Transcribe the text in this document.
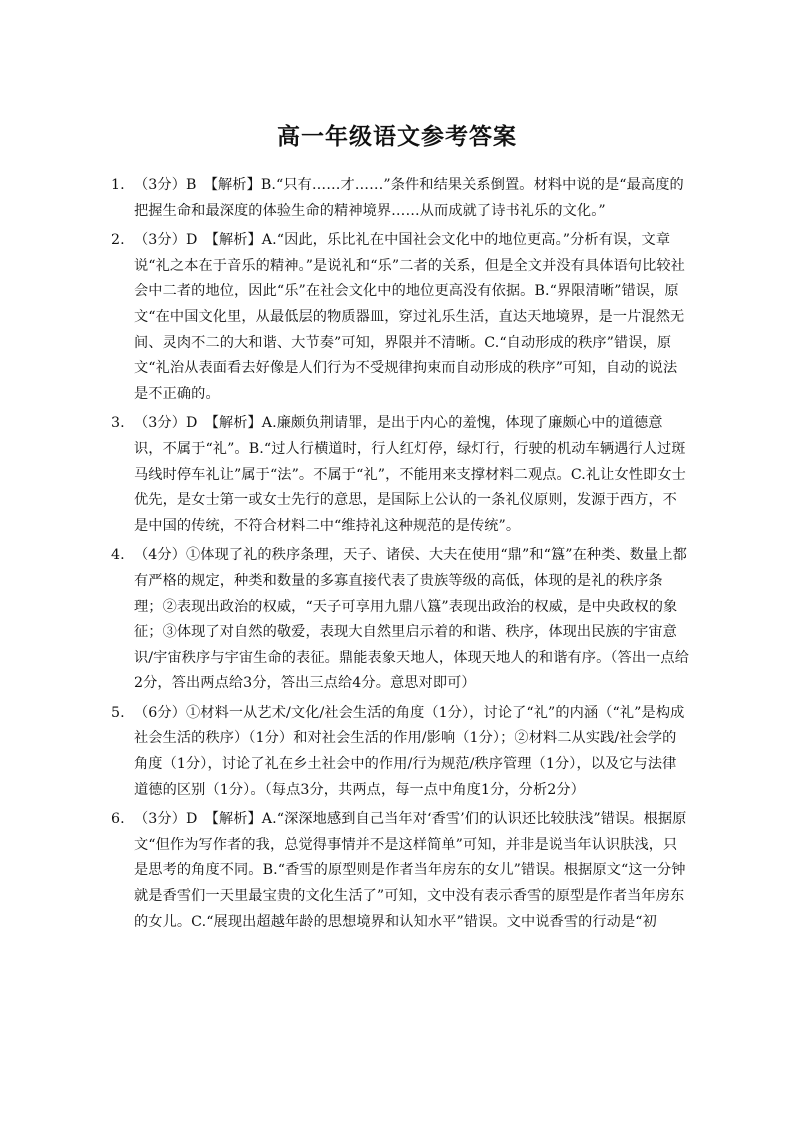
高一年级语文参考答案
1. （3分）B　【解析】B.“只有……才……”条件和结果关系倒置。材料中说的是“最高度的把握生命和最深度的体验生命的精神境界……从而成就了诗书礼乐的文化。”
2. （3分）D　【解析】A.“因此，乐比礼在中国社会文化中的地位更高。”分析有误，文章说“礼之本在于音乐的精神。”是说礼和“乐”二者的关系，但是全文并没有具体语句比较社会中二者的地位，因此“乐”在社会文化中的地位更高没有依据。B.“界限清晰”错误，原文“在中国文化里，从最低层的物质器皿，穿过礼乐生活，直达天地境界，是一片混然无间、灵肉不二的大和谐、大节奏”可知，界限并不清晰。C.“自动形成的秩序”错误，原文“礼治从表面看去好像是人们行为不受规律拘束而自动形成的秩序”可知，自动的说法是不正确的。
3. （3分）D　【解析】A.廉颇负荆请罪，是出于内心的羞愧，体现了廉颇心中的道德意识，不属于“礼”。B.“过人行横道时，行人红灯停，绿灯行，行驶的机动车辆遇行人过斑马线时停车礼让”属于“法”。不属于“礼”，不能用来支撑材料二观点。C.礼让女性即女士优先，是女士第一或女士先行的意思，是国际上公认的一条礼仪原则，发源于西方，不是中国的传统，不符合材料二中“维持礼这种规范的是传统”。
4. （4分）①体现了礼的秩序条理，天子、诸侯、大夫在使用“鼎”和“簋”在种类、数量上都有严格的规定，种类和数量的多寡直接代表了贵族等级的高低，体现的是礼的秩序条理；②表现出政治的权威，“天子可享用九鼎八簋”表现出政治的权威，是中央政权的象征；③体现了对自然的敬爱，表现大自然里启示着的和谐、秩序，体现出民族的宇宙意识/宇宙秩序与宇宙生命的表征。鼎能表象天地人，体现天地人的和谐有序。（答出一点给2分，答出两点给3分，答出三点给4分。意思对即可）
5. （6分）①材料一从艺术/文化/社会生活的角度（1分），讨论了“礼”的内涵（“礼”是构成社会生活的秩序）（1分）和对社会生活的作用/影响（1分）；②材料二从实践/社会学的角度（1分），讨论了礼在乡土社会中的作用/行为规范/秩序管理（1分），以及它与法律道德的区别（1分）。（每点3分，共两点，每一点中角度1分，分析2分）
6. （3分）D　【解析】A.“深深地感到自己当年对‘香雪’们的认识还比较肤浅”错误。根据原文“但作为写作者的我，总觉得事情并不是这样简单”可知，并非是说当年认识肤浅，只是思考的角度不同。B.“香雪的原型则是作者当年房东的女儿”错误。根据原文“这一分钟就是香雪们一天里最宝贵的文化生活了”可知，文中没有表示香雪的原型是作者当年房东的女儿。C.“展现出超越年龄的思想境界和认知水平”错误。文中说香雪的行动是“初
